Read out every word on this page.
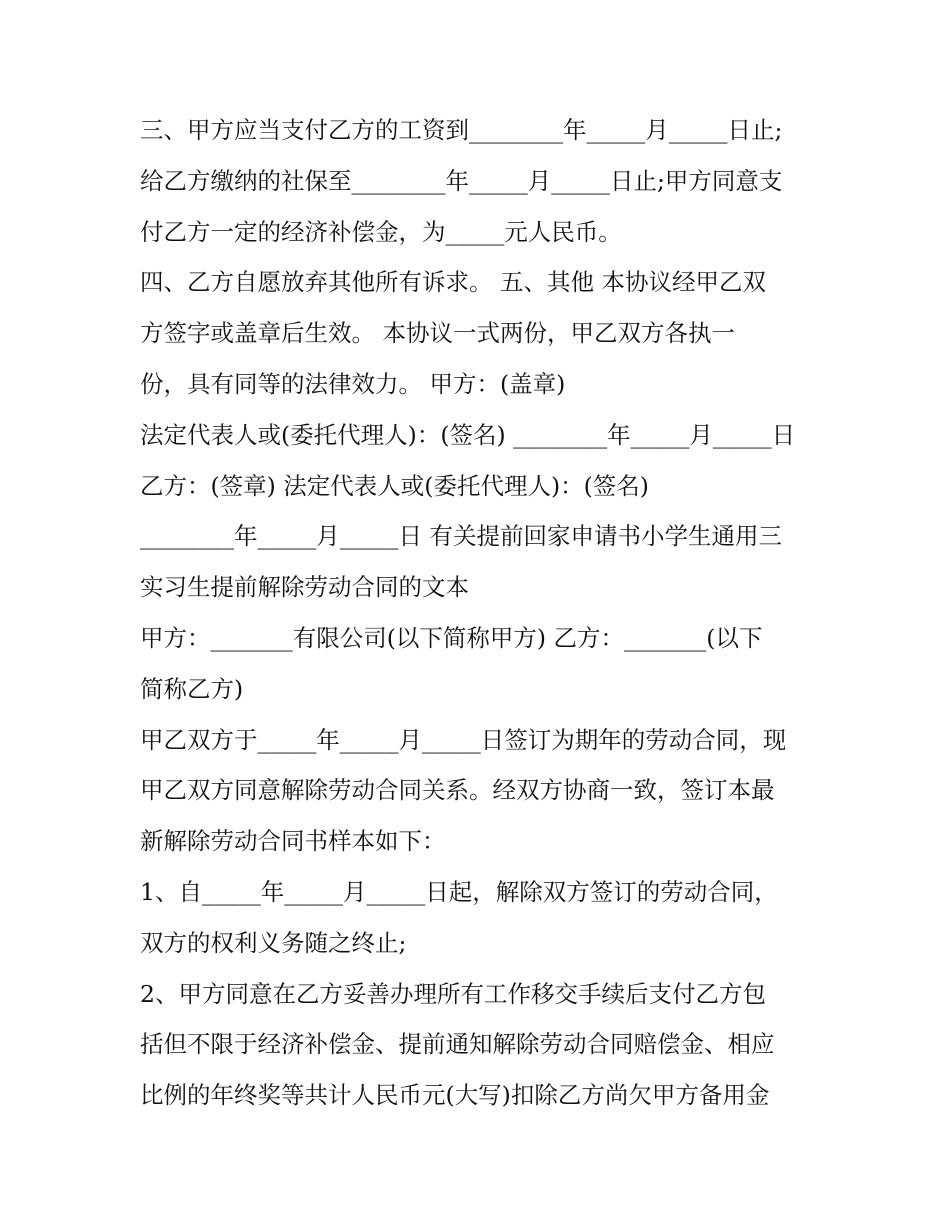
三、甲方应当支付乙方的工资到________年_____月_____日止;
给乙方缴纳的社保至________年_____月_____日止;甲方同意支
付乙方一定的经济补偿金，为_____元人民币。
四、乙方自愿放弃其他所有诉求。 五、其他 本协议经甲乙双
方签字或盖章后生效。 本协议一式两份，甲乙双方各执一
份，具有同等的法律效力。 甲方：(盖章)
法定代表人或(委托代理人)：(签名) ________年_____月_____日
乙方：(签章) 法定代表人或(委托代理人)：(签名)
________年_____月_____日 有关提前回家申请书小学生通用三
实习生提前解除劳动合同的文本
甲方：_______有限公司(以下简称甲方) 乙方：_______(以下
简称乙方)
甲乙双方于_____年_____月_____日签订为期年的劳动合同，现
甲乙双方同意解除劳动合同关系。经双方协商一致，签订本最
新解除劳动合同书样本如下：
1、自_____年_____月_____日起，解除双方签订的劳动合同，
双方的权利义务随之终止;
2、甲方同意在乙方妥善办理所有工作移交手续后支付乙方包
括但不限于经济补偿金、提前通知解除劳动合同赔偿金、相应
比例的年终奖等共计人民币元(大写)扣除乙方尚欠甲方备用金
